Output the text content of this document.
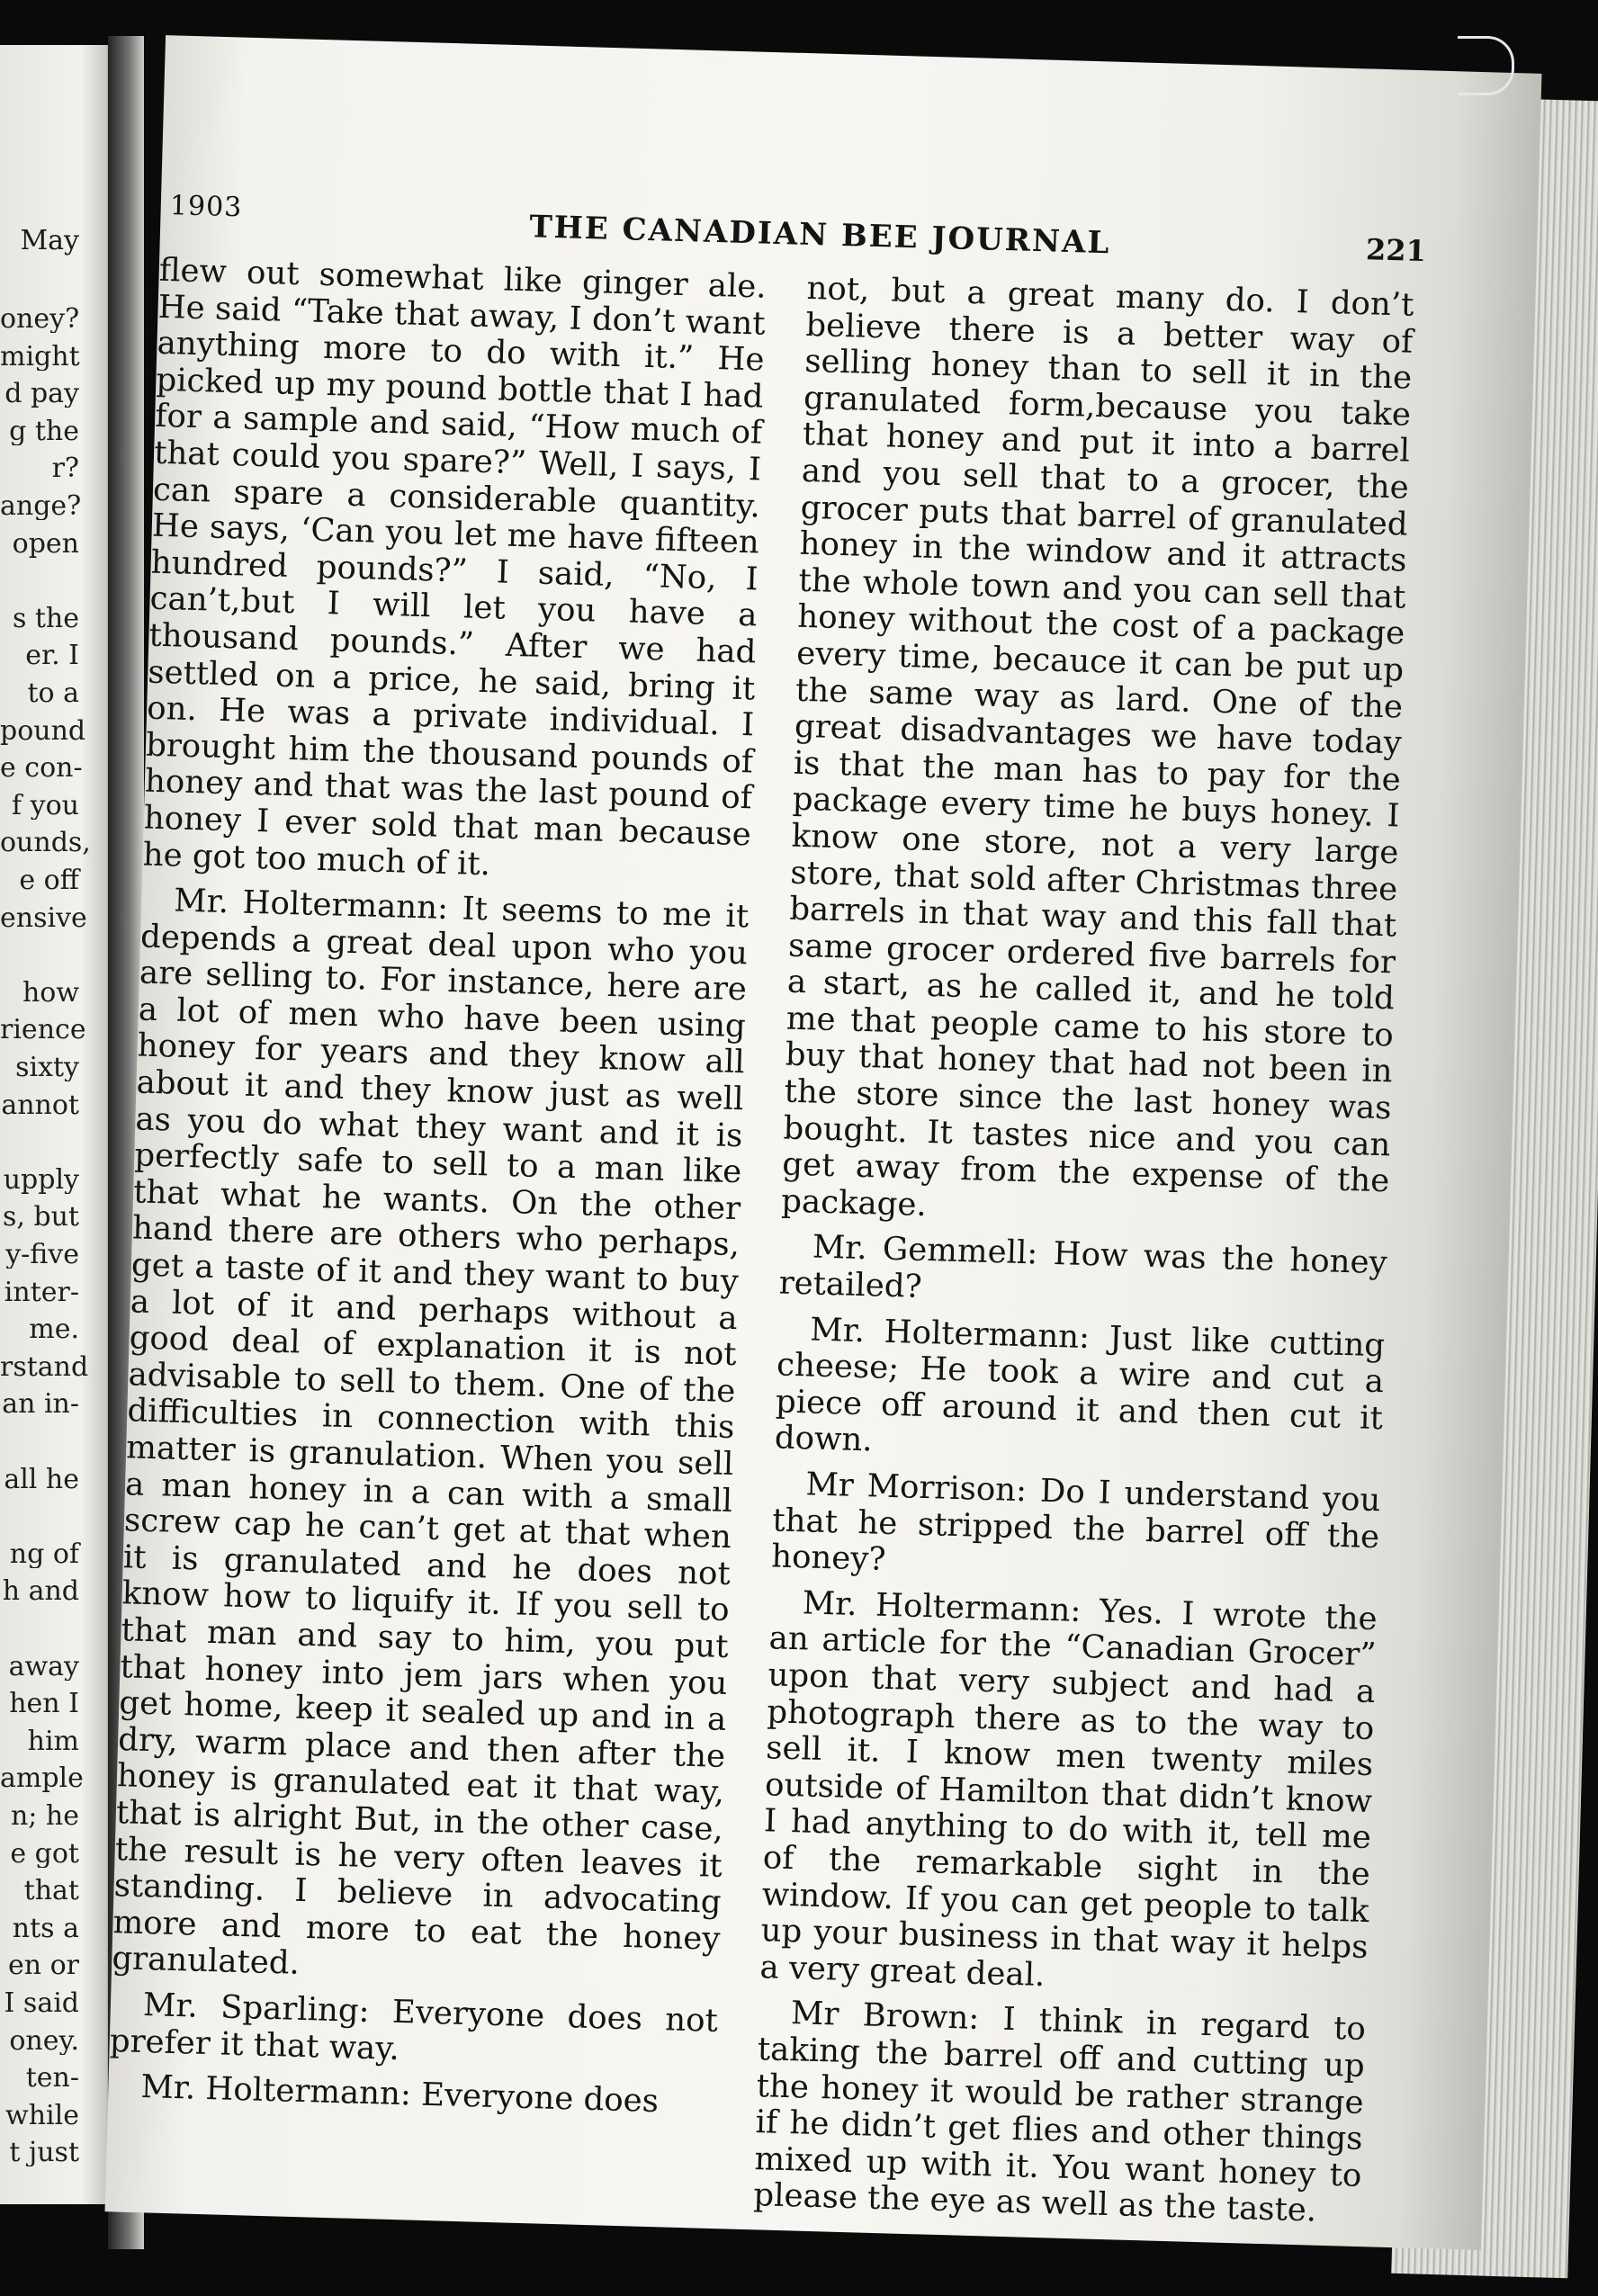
May
oney?
might
d pay
g the
r?
ange?
open
s the
er. I
to a
pound
e con-
f you
ounds,
e off
ensive
how
rience
sixty
annot
upply
s, but
y-five
inter-
me.
rstand
an in-
all he
ng of
h and
away
hen I
him
ample
n; he
e got
that
nts a
en or
I said
oney.
ten-
while
t just
1903
THE CANADIAN BEE JOURNAL	221

flew out somewhat like ginger ale. He said “Take that away, I don’t want anything more to do with it.” He picked up my pound bottle that I had for a sample and said, “How much of that could you spare?” Well, I says, I can spare a considerable quantity. He says, ‘Can you let me have fifteen hundred pounds?” I said, “No, I can’t,but I will let you have a thousand pounds.” After we had settled on a price, he said, bring it on. He was a private individual. I brought him the thousand pounds of honey and that was the last pound of honey I ever sold that man because he got too much of it.

Mr. Holtermann: It seems to me it depends a great deal upon who you are selling to. For instance, here are a lot of men who have been using honey for years and they know all about it and they know just as well as you do what they want and it is perfectly safe to sell to a man like that what he wants. On the other hand there are others who perhaps, get a taste of it and they want to buy a lot of it and perhaps without a good deal of explanation it is not advisable to sell to them. One of the difficulties in connection with this matter is granulation. When you sell a man honey in a can with a small screw cap he can’t get at that when it is granulated and he does not know how to liquify it. If you sell to that man and say to him, you put that honey into jem jars when you get home, keep it sealed up and in a dry, warm place and then after the honey is granulated eat it that way, that is alright But, in the other case, the result is he very often leaves it standing. I believe in advocating more and more to eat the honey granulated.

Mr. Sparling: Everyone does not prefer it that way.

Mr. Holtermann: Everyone does

not, but a great many do. I don’t believe there is a better way of selling honey than to sell it in the granulated form,because you take that honey and put it into a barrel and you sell that to a grocer, the grocer puts that barrel of granulated honey in the window and it attracts the whole town and you can sell that honey without the cost of a package every time, becauce it can be put up the same way as lard. One of the great disadvantages we have today is that the man has to pay for the package every time he buys honey. I know one store, not a very large store, that sold after Christmas three barrels in that way and this fall that same grocer ordered five barrels for a start, as he called it, and he told me that people came to his store to buy that honey that had not been in the store since the last honey was bought. It tastes nice and you can get away from the expense of the package.

Mr. Gemmell: How was the honey retailed?

Mr. Holtermann: Just like cutting cheese; He took a wire and cut a piece off around it and then cut it down.

Mr Morrison: Do I understand you that he stripped the barrel off the honey?

Mr. Holtermann: Yes. I wrote the an article for the “Canadian Grocer” upon that very subject and had a photograph there as to the way to sell it. I know men twenty miles outside of Hamilton that didn’t know I had anything to do with it, tell me of the remarkable sight in the window. If you can get people to talk up your business in that way it helps a very great deal.

Mr Brown: I think in regard to taking the barrel off and cutting up the honey it would be rather strange if he didn’t get flies and other things mixed up with it. You want honey to please the eye as well as the taste.
